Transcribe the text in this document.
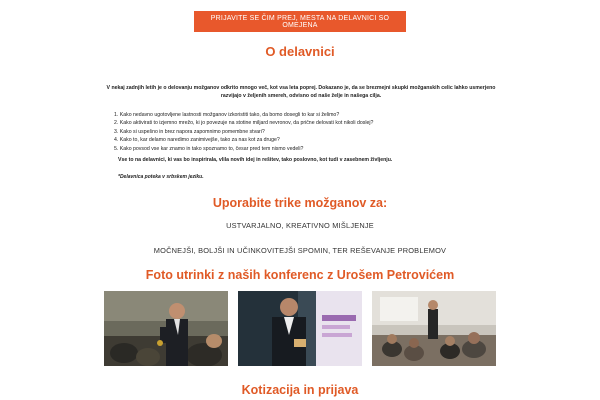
PRIJAVITE SE ČIM PREJ, MESTA NA DELAVNICI SO OMEJENA
O delavnici
V nekaj zadnjih letih je o delovanju možganov odkrito mnogo več, kot vsa leta poprej. Dokazano je, da se brezmejni skupki možganskih celic lahko usmerjeno razvijajo v željenih smereh, odvisno od naše želje in našega cilja.
1. Kako nedavno ugotovljene lastnosti možganov izkoristiti tako, da bomo dosegli to kar si želimo?
2. Kako aktivirati to izjemno mrežo, ki jo povezuje na stotine miljard nevronov, da pričnе delovati kot nikoli doslej?
3. Kako si uspešno in brez napora zapomnimo pomembne stvari?
4. Kako to, kar delamo naredimo zanimivejše, tako za nas kot za druge?
5. Kako povsod vse kar znamo in tako spoznamo to, česar pred tem nismo vedeli?
Vse to na delavnici, ki vas bo inspirirala, vlila novih idej in rešitev, tako poslovno, kot tudi v zasebnem življenju.
*Delavnica poteka v srbskem jeziku.
Uporabite trike možganov za:
USTVARJALNO, KREATIVNO MIŠLJENJE
MOČNEJŠI, BOLJŠI IN UČINKOVITEJŠI SPOMIN, TER REŠEVANJE PROBLEMOV
Foto utrinki z naših konferenc z Urošem Petrovićem
Kotizacija in prijava
